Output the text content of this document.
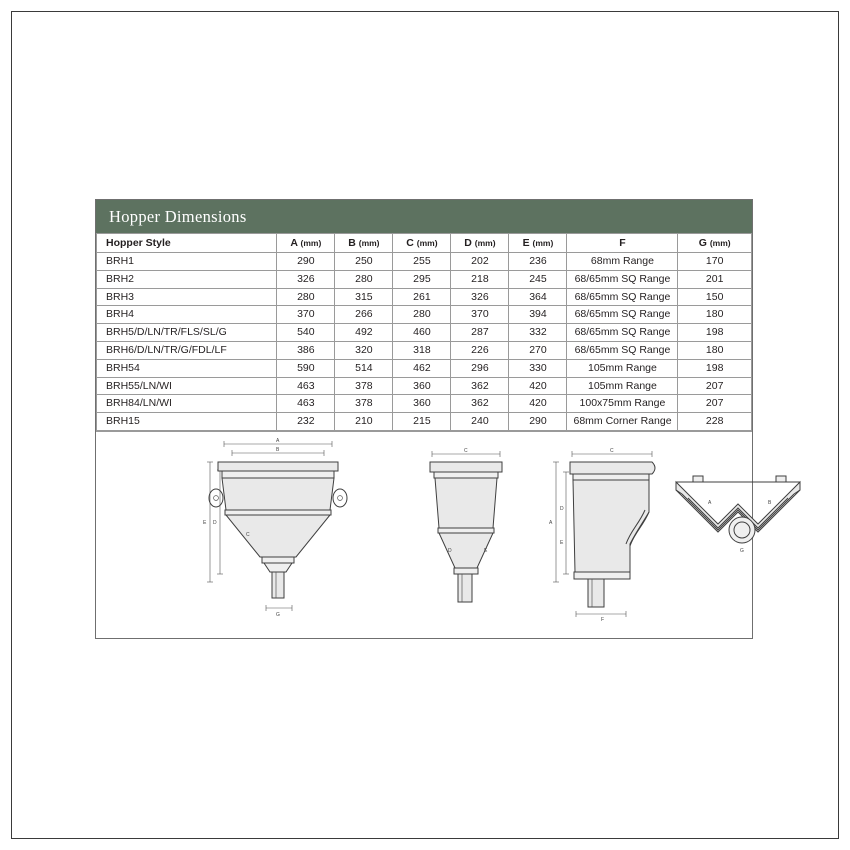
Hopper Dimensions
Hopper Style	A (mm)	B (mm)	C (mm)	D (mm)	E (mm)	F	G (mm)
BRH1	290	250	255	202	236	68mm Range	170
BRH2	326	280	295	218	245	68/65mm SQ Range	201
BRH3	280	315	261	326	364	68/65mm SQ Range	150
BRH4	370	266	280	370	394	68/65mm SQ Range	180
BRH5/D/LN/TR/FLS/SL/G	540	492	460	287	332	68/65mm SQ Range	198
BRH6/D/LN/TR/G/FDL/LF	386	320	318	226	270	68/65mm SQ Range	180
BRH54	590	514	462	296	330	105mm Range	198
BRH55/LN/WI	463	378	360	362	420	105mm Range	207
BRH84/LN/WI	463	378	360	362	420	100x75mm Range	207
BRH15	232	210	215	240	290	68mm Corner Range	228
A
B
E D
G
C
C
D	E
C
A
D
E
F
A	B
G
